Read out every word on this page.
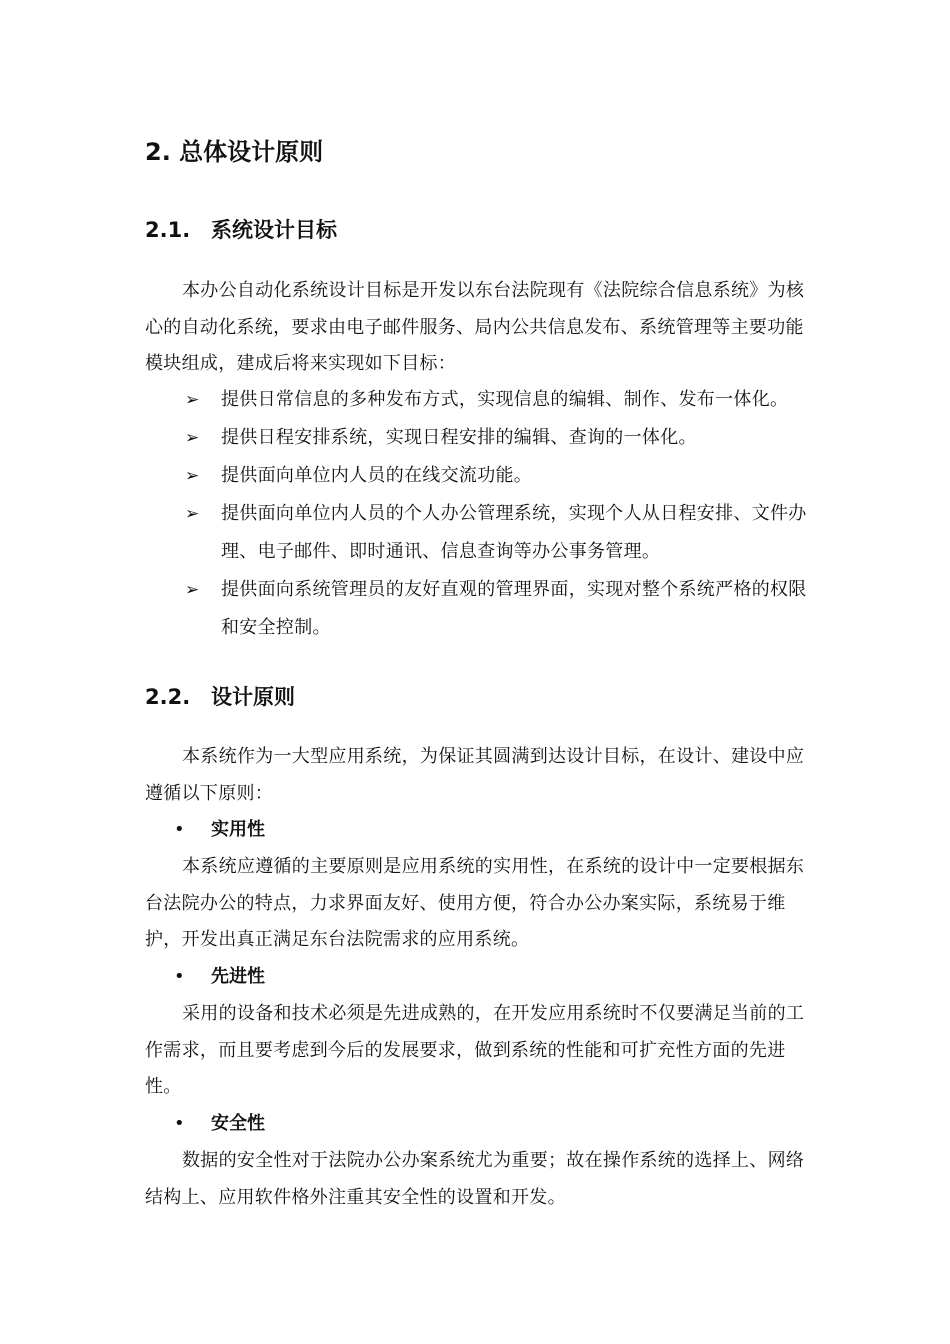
2. 总体设计原则
2.1. 系统设计目标

本办公自动化系统设计目标是开发以东台法院现有《法院综合信息系统》为核心的自动化系统，要求由电子邮件服务、局内公共信息发布、系统管理等主要功能模块组成，建成后将来实现如下目标：

➢ 提供日常信息的多种发布方式，实现信息的编辑、制作、发布一体化。
➢ 提供日程安排系统，实现日程安排的编辑、查询的一体化。
➢ 提供面向单位内人员的在线交流功能。
➢ 提供面向单位内人员的个人办公管理系统，实现个人从日程安排、文件办理、电子邮件、即时通讯、信息查询等办公事务管理。
➢ 提供面向系统管理员的友好直观的管理界面，实现对整个系统严格的权限和安全控制。
2.2. 设计原则

本系统作为一大型应用系统，为保证其圆满到达设计目标，在设计、建设中应遵循以下原则：

• 实用性

本系统应遵循的主要原则是应用系统的实用性，在系统的设计中一定要根据东台法院办公的特点，力求界面友好、使用方便，符合办公办案实际，系统易于维护，开发出真正满足东台法院需求的应用系统。

• 先进性

采用的设备和技术必须是先进成熟的，在开发应用系统时不仅要满足当前的工作需求，而且要考虑到今后的发展要求，做到系统的性能和可扩充性方面的先进性。

• 安全性

数据的安全性对于法院办公办案系统尤为重要；故在操作系统的选择上、网络结构上、应用软件格外注重其安全性的设置和开发。
